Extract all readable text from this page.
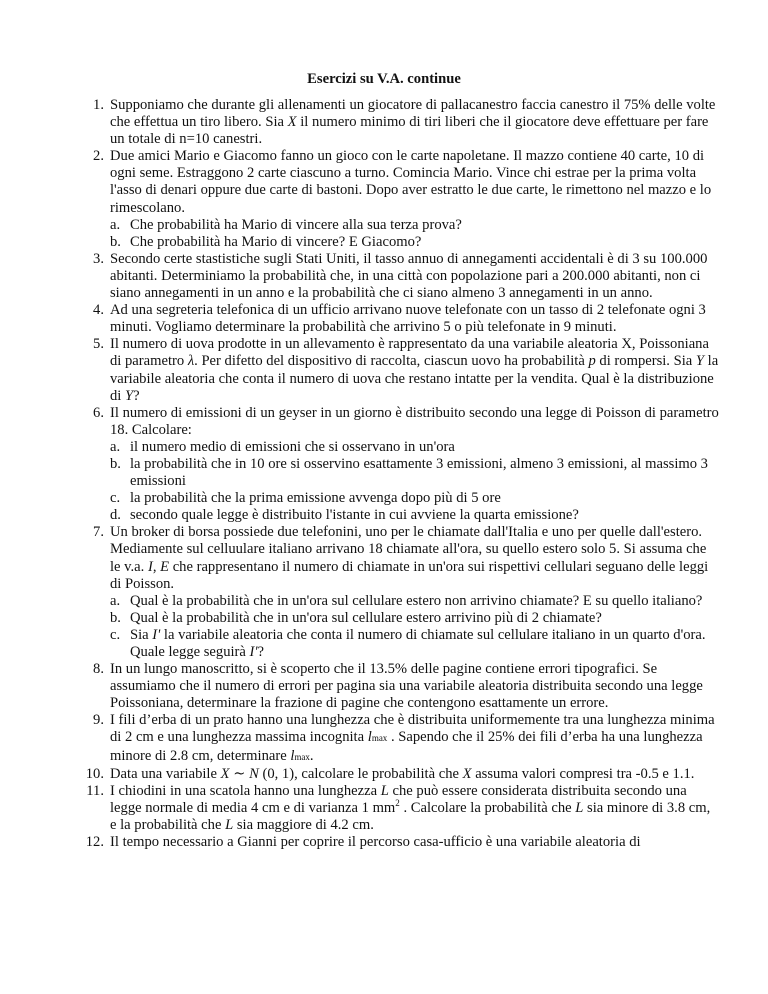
Esercizi su V.A. continue
1. Supponiamo che durante gli allenamenti un giocatore di pallacanestro faccia canestro il 75% delle volte che effettua un tiro libero. Sia X il numero minimo di tiri liberi che il giocatore deve effettuare per fare un totale di n=10 canestri.
2. Due amici Mario e Giacomo fanno un gioco con le carte napoletane. Il mazzo contiene 40 carte, 10 di ogni seme. Estraggono 2 carte ciascuno a turno. Comincia Mario. Vince chi estrae per la prima volta l'asso di denari oppure due carte di bastoni. Dopo aver estratto le due carte, le rimettono nel mazzo e lo rimescolano.
a. Che probabilità ha Mario di vincere alla sua terza prova?
b. Che probabilità ha Mario di vincere? E Giacomo?
3. Secondo certe stastistiche sugli Stati Uniti, il tasso annuo di annegamenti accidentali è di 3 su 100.000 abitanti. Determiniamo la probabilità che, in una città con popolazione pari a 200.000 abitanti, non ci siano annegamenti in un anno e la probabilità che ci siano almeno 3 annegamenti in un anno.
4. Ad una segreteria telefonica di un ufficio arrivano nuove telefonate con un tasso di 2 telefonate ogni 3 minuti. Vogliamo determinare la probabilità che arrivino 5 o più telefonate in 9 minuti.
5. Il numero di uova prodotte in un allevamento è rappresentato da una variabile aleatoria X, Poissoniana di parametro λ. Per difetto del dispositivo di raccolta, ciascun uovo ha probabilità p di rompersi. Sia Y la variabile aleatoria che conta il numero di uova che restano intatte per la vendita. Qual è la distribuzione di Y?
6. Il numero di emissioni di un geyser in un giorno è distribuito secondo una legge di Poisson di parametro 18. Calcolare:
a. il numero medio di emissioni che si osservano in un'ora
b. la probabilità che in 10 ore si osservino esattamente 3 emissioni, almeno 3 emissioni, al massimo 3 emissioni
c. la probabilità che la prima emissione avvenga dopo più di 5 ore
d. secondo quale legge è distribuito l'istante in cui avviene la quarta emissione?
7. Un broker di borsa possiede due telefonini, uno per le chiamate dall'Italia e uno per quelle dall'estero. Mediamente sul celluulare italiano arrivano 18 chiamate all'ora, su quello estero solo 5. Si assuma che le v.a. I, E che rappresentano il numero di chiamate in un'ora sui rispettivi cellulari seguano delle leggi di Poisson.
a. Qual è la probabilità che in un'ora sul cellulare estero non arrivino chiamate? E su quello italiano?
b. Qual è la probabilità che in un'ora sul cellulare estero arrivino più di 2 chiamate?
c. Sia I' la variabile aleatoria che conta il numero di chiamate sul cellulare italiano in un quarto d'ora. Quale legge seguirà I'?
8. In un lungo manoscritto, si è scoperto che il 13.5% delle pagine contiene errori tipografici. Se assumiamo che il numero di errori per pagina sia una variabile aleatoria distribuita secondo una legge Poissoniana, determinare la frazione di pagine che contengono esattamente un errore.
9. I fili d’erba di un prato hanno una lunghezza che è distribuita uniformemente tra una lunghezza minima di 2 cm e una lunghezza massima incognita lmax . Sapendo che il 25% dei fili d’erba ha una lunghezza minore di 2.8 cm, determinare lmax.
10. Data una variabile X ∼ N (0, 1), calcolare le probabilità che X assuma valori compresi tra -0.5 e 1.1.
11. I chiodini in una scatola hanno una lunghezza L che può essere considerata distribuita secondo una legge normale di media 4 cm e di varianza 1 $mm^2$ . Calcolare la probabilità che L sia minore di 3.8 cm, e la probabilità che L sia maggiore di 4.2 cm.
12. Il tempo necessario a Gianni per coprire il percorso casa-ufficio è una variabile aleatoria di
